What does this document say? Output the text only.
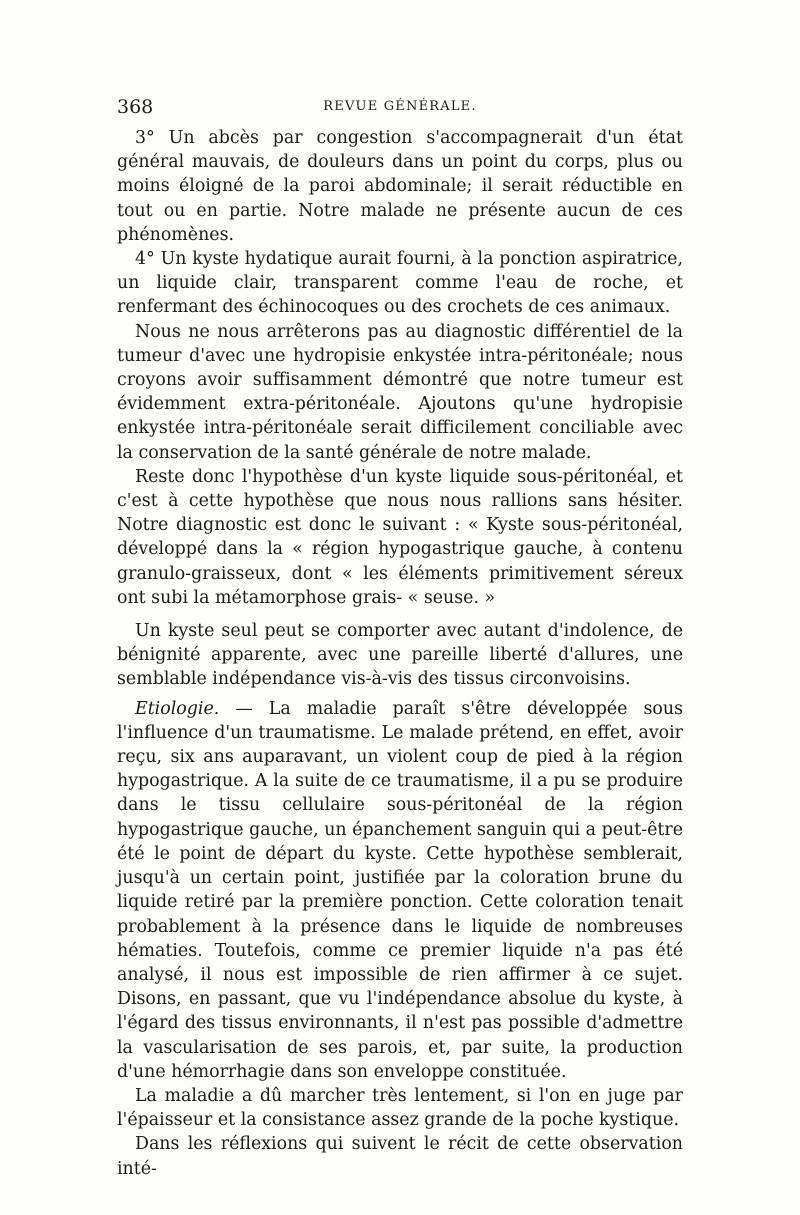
368	REVUE GÉNÉRALE.

3° Un abcès par congestion s'accompagnerait d'un état général mauvais, de douleurs dans un point du corps, plus ou moins éloigné de la paroi abdominale; il serait réductible en tout ou en partie. Notre malade ne présente aucun de ces phénomènes.

4° Un kyste hydatique aurait fourni, à la ponction aspiratrice, un liquide clair, transparent comme l'eau de roche, et renfermant des échinocoques ou des crochets de ces animaux.

Nous ne nous arrêterons pas au diagnostic différentiel de la tumeur d'avec une hydropisie enkystée intra-péritonéale; nous croyons avoir suffisamment démontré que notre tumeur est évidemment extra-péritonéale. Ajoutons qu'une hydropisie enkystée intra-péritonéale serait difficilement conciliable avec la conservation de la santé générale de notre malade.

Reste donc l'hypothèse d'un kyste liquide sous-péritonéal, et c'est à cette hypothèse que nous nous rallions sans hésiter. Notre diagnostic est donc le suivant : « Kyste sous-péritonéal, développé dans la « région hypogastrique gauche, à contenu granulo-graisseux, dont « les éléments primitivement séreux ont subi la métamorphose grais- « seuse. »

Un kyste seul peut se comporter avec autant d'indolence, de bénignité apparente, avec une pareille liberté d'allures, une semblable indépendance vis-à-vis des tissus circonvoisins.

Etiologie. — La maladie paraît s'être développée sous l'influence d'un traumatisme. Le malade prétend, en effet, avoir reçu, six ans auparavant, un violent coup de pied à la région hypogastrique. A la suite de ce traumatisme, il a pu se produire dans le tissu cellulaire sous-péritonéal de la région hypogastrique gauche, un épanchement sanguin qui a peut-être été le point de départ du kyste. Cette hypothèse semblerait, jusqu'à un certain point, justifiée par la coloration brune du liquide retiré par la première ponction. Cette coloration tenait probablement à la présence dans le liquide de nombreuses hématies. Toutefois, comme ce premier liquide n'a pas été analysé, il nous est impossible de rien affirmer à ce sujet. Disons, en passant, que vu l'indépendance absolue du kyste, à l'égard des tissus environnants, il n'est pas possible d'admettre la vascularisation de ses parois, et, par suite, la production d'une hémorrhagie dans son enveloppe constituée.

La maladie a dû marcher très lentement, si l'on en juge par l'épaisseur et la consistance assez grande de la poche kystique.

Dans les réflexions qui suivent le récit de cette observation inté-
